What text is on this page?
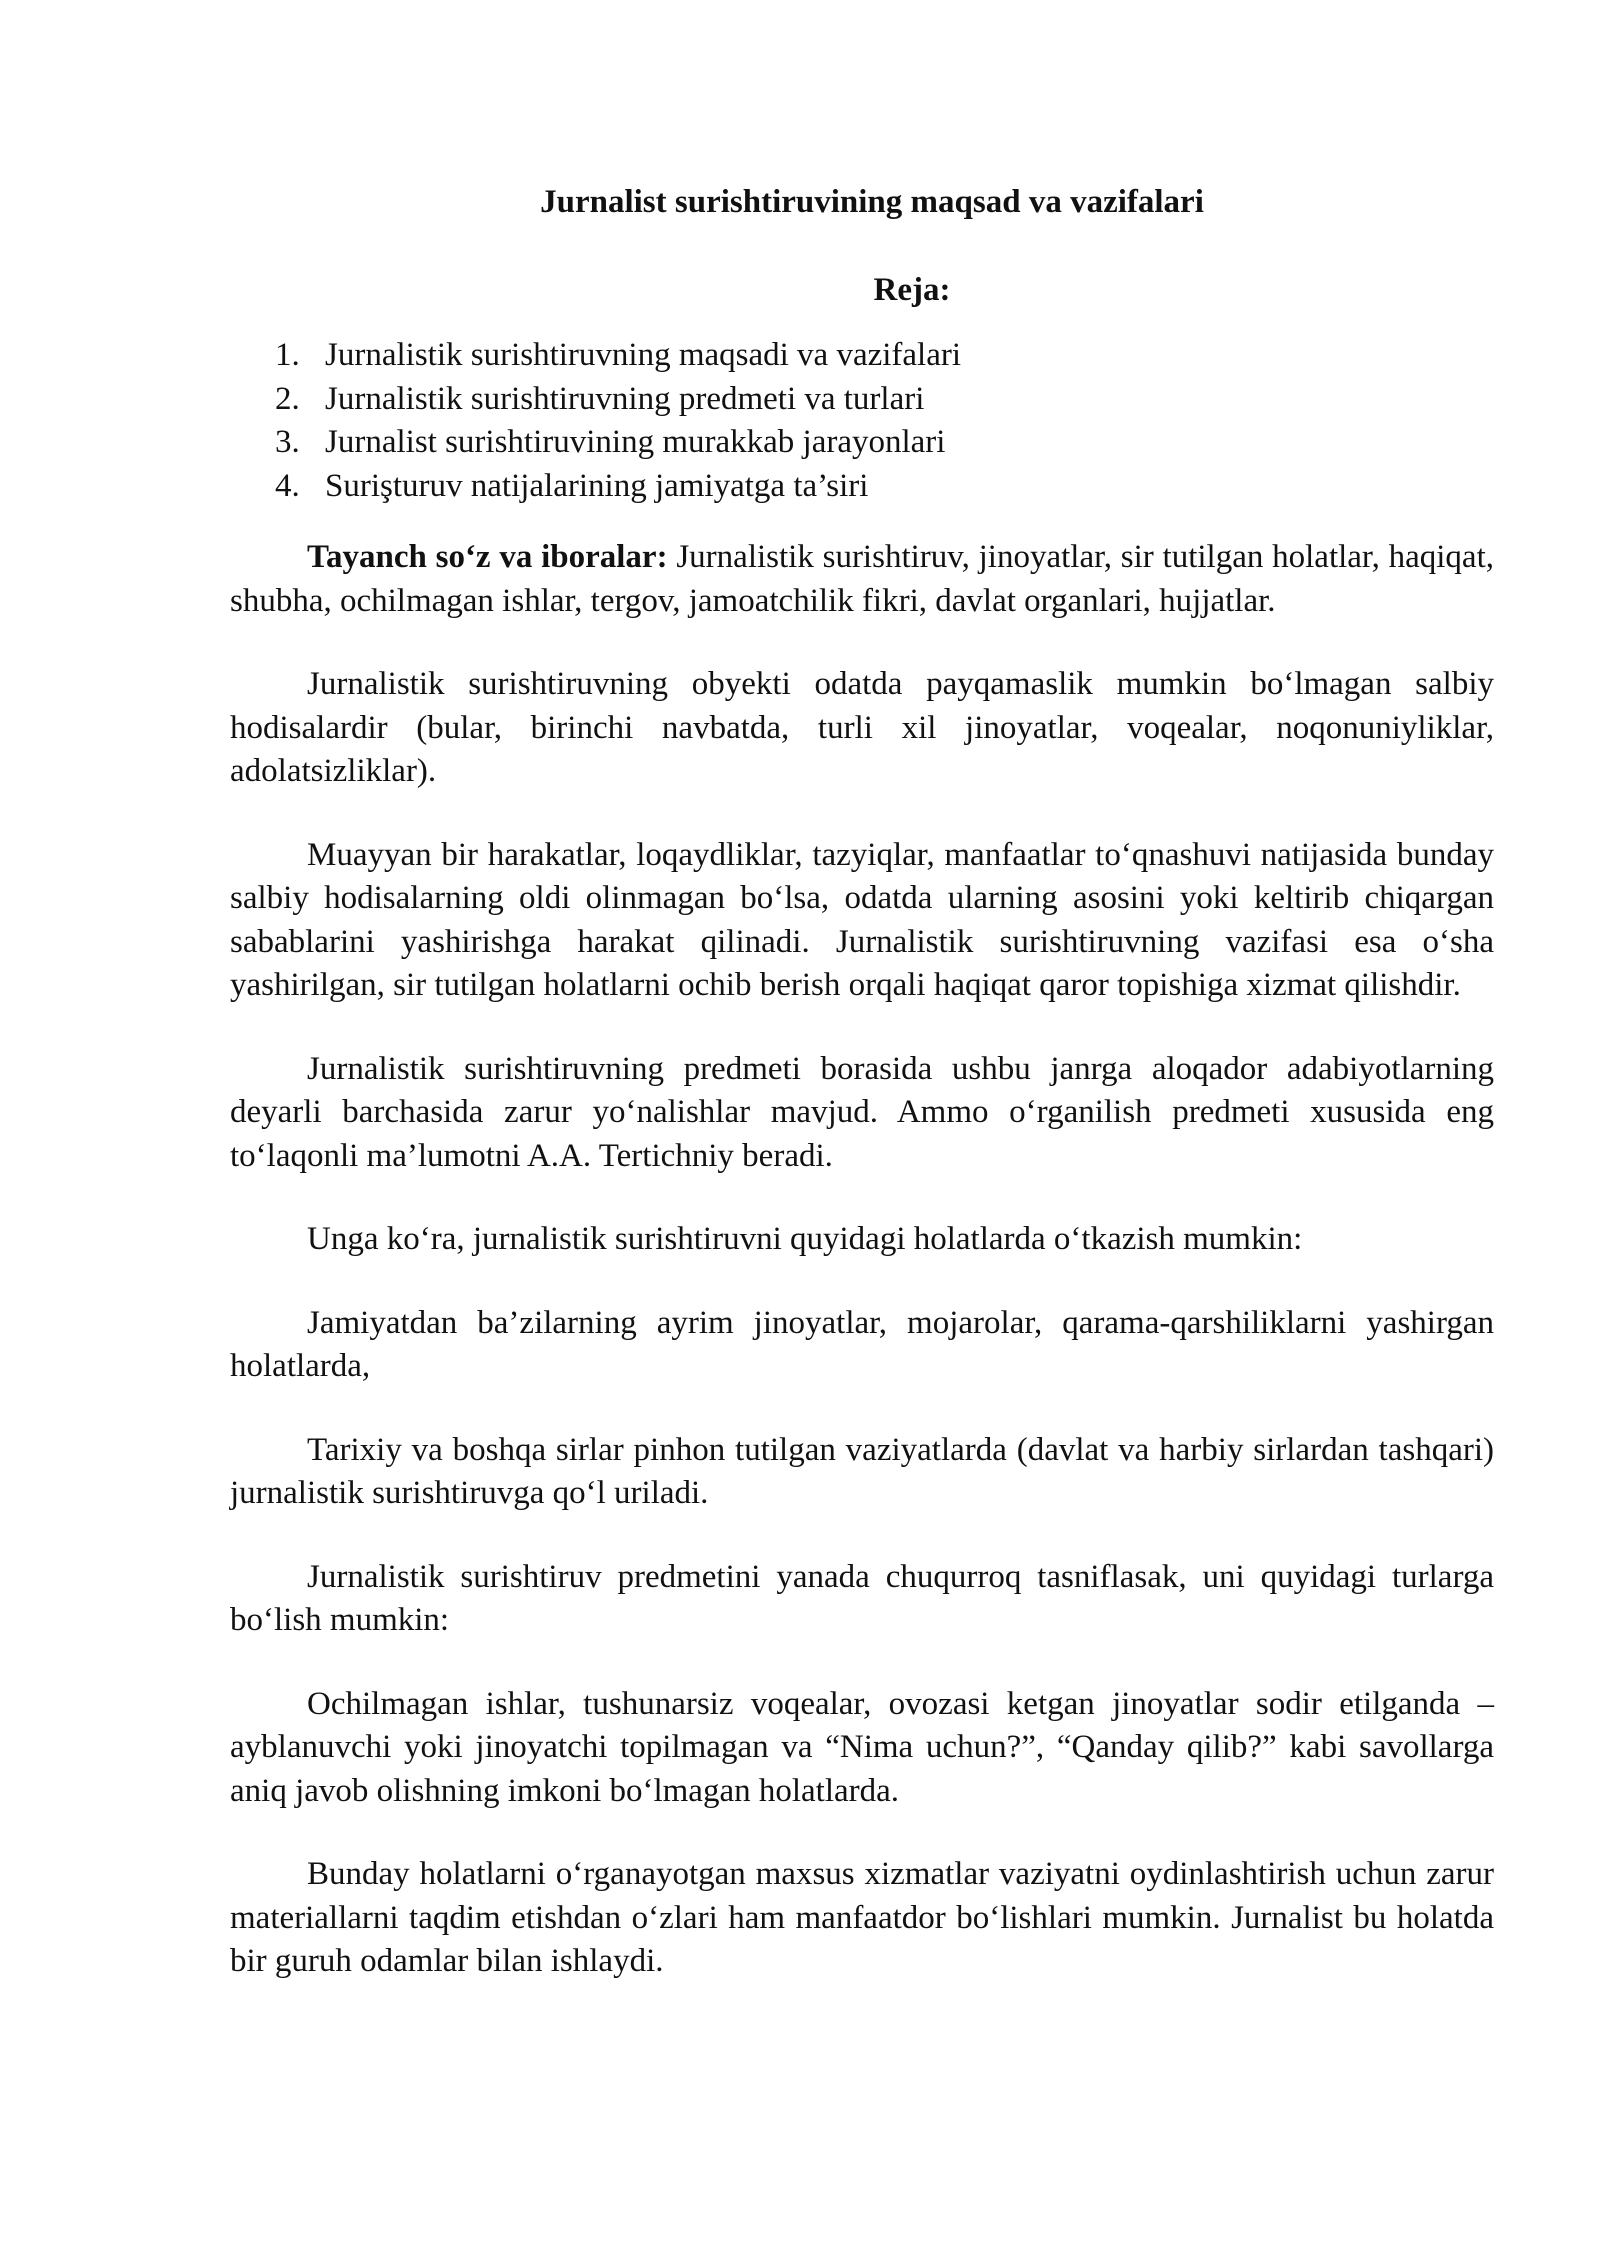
Jurnalist surishtiruvining maqsad va vazifalari
Reja:
1. Jurnalistik surishtiruvning maqsadi va vazifalari
2. Jurnalistik surishtiruvning predmeti va turlari
3. Jurnalist surishtiruvining murakkab jarayonlari
4. Surişturuv natijalarining jamiyatga ta’siri

Tayanch so‘z va iboralar: Jurnalistik surishtiruv, jinoyatlar, sir tutilgan holatlar, haqiqat, shubha, ochilmagan ishlar, tergov, jamoatchilik fikri, davlat organlari, hujjatlar.

Jurnalistik surishtiruvning obyekti odatda payqamaslik mumkin bo‘lmagan salbiy hodisalardir (bular, birinchi navbatda, turli xil jinoyatlar, voqealar, noqonuniyliklar, adolatsizliklar).

Muayyan bir harakatlar, loqaydliklar, tazyiqlar, manfaatlar to‘qnashuvi natijasida bunday salbiy hodisalarning oldi olinmagan bo‘lsa, odatda ularning asosini yoki keltirib chiqargan sabablarini yashirishga harakat qilinadi. Jurnalistik surishtiruvning vazifasi esa o‘sha yashirilgan, sir tutilgan holatlarni ochib berish orqali haqiqat qaror topishiga xizmat qilishdir.

Jurnalistik surishtiruvning predmeti borasida ushbu janrga aloqador adabiyotlarning deyarli barchasida zarur yo‘nalishlar mavjud. Ammo o‘rganilish predmeti xususida eng to‘laqonli ma’lumotni A.A. Tertichniy beradi.

Unga ko‘ra, jurnalistik surishtiruvni quyidagi holatlarda o‘tkazish mumkin:

Jamiyatdan ba’zilarning ayrim jinoyatlar, mojarolar, qarama-qarshiliklarni yashirgan holatlarda,

Tarixiy va boshqa sirlar pinhon tutilgan vaziyatlarda (davlat va harbiy sirlardan tashqari) jurnalistik surishtiruvga qo‘l uriladi.

Jurnalistik surishtiruv predmetini yanada chuqurroq tasniflasak, uni quyidagi turlarga bo‘lish mumkin:

Ochilmagan ishlar, tushunarsiz voqealar, ovozasi ketgan jinoyatlar sodir etilganda – ayblanuvchi yoki jinoyatchi topilmagan va “Nima uchun?”, “Qanday qilib?” kabi savollarga aniq javob olishning imkoni bo‘lmagan holatlarda.

Bunday holatlarni o‘rganayotgan maxsus xizmatlar vaziyatni oydinlashtirish uchun zarur materiallarni taqdim etishdan o‘zlari ham manfaatdor bo‘lishlari mumkin. Jurnalist bu holatda bir guruh odamlar bilan ishlaydi.
